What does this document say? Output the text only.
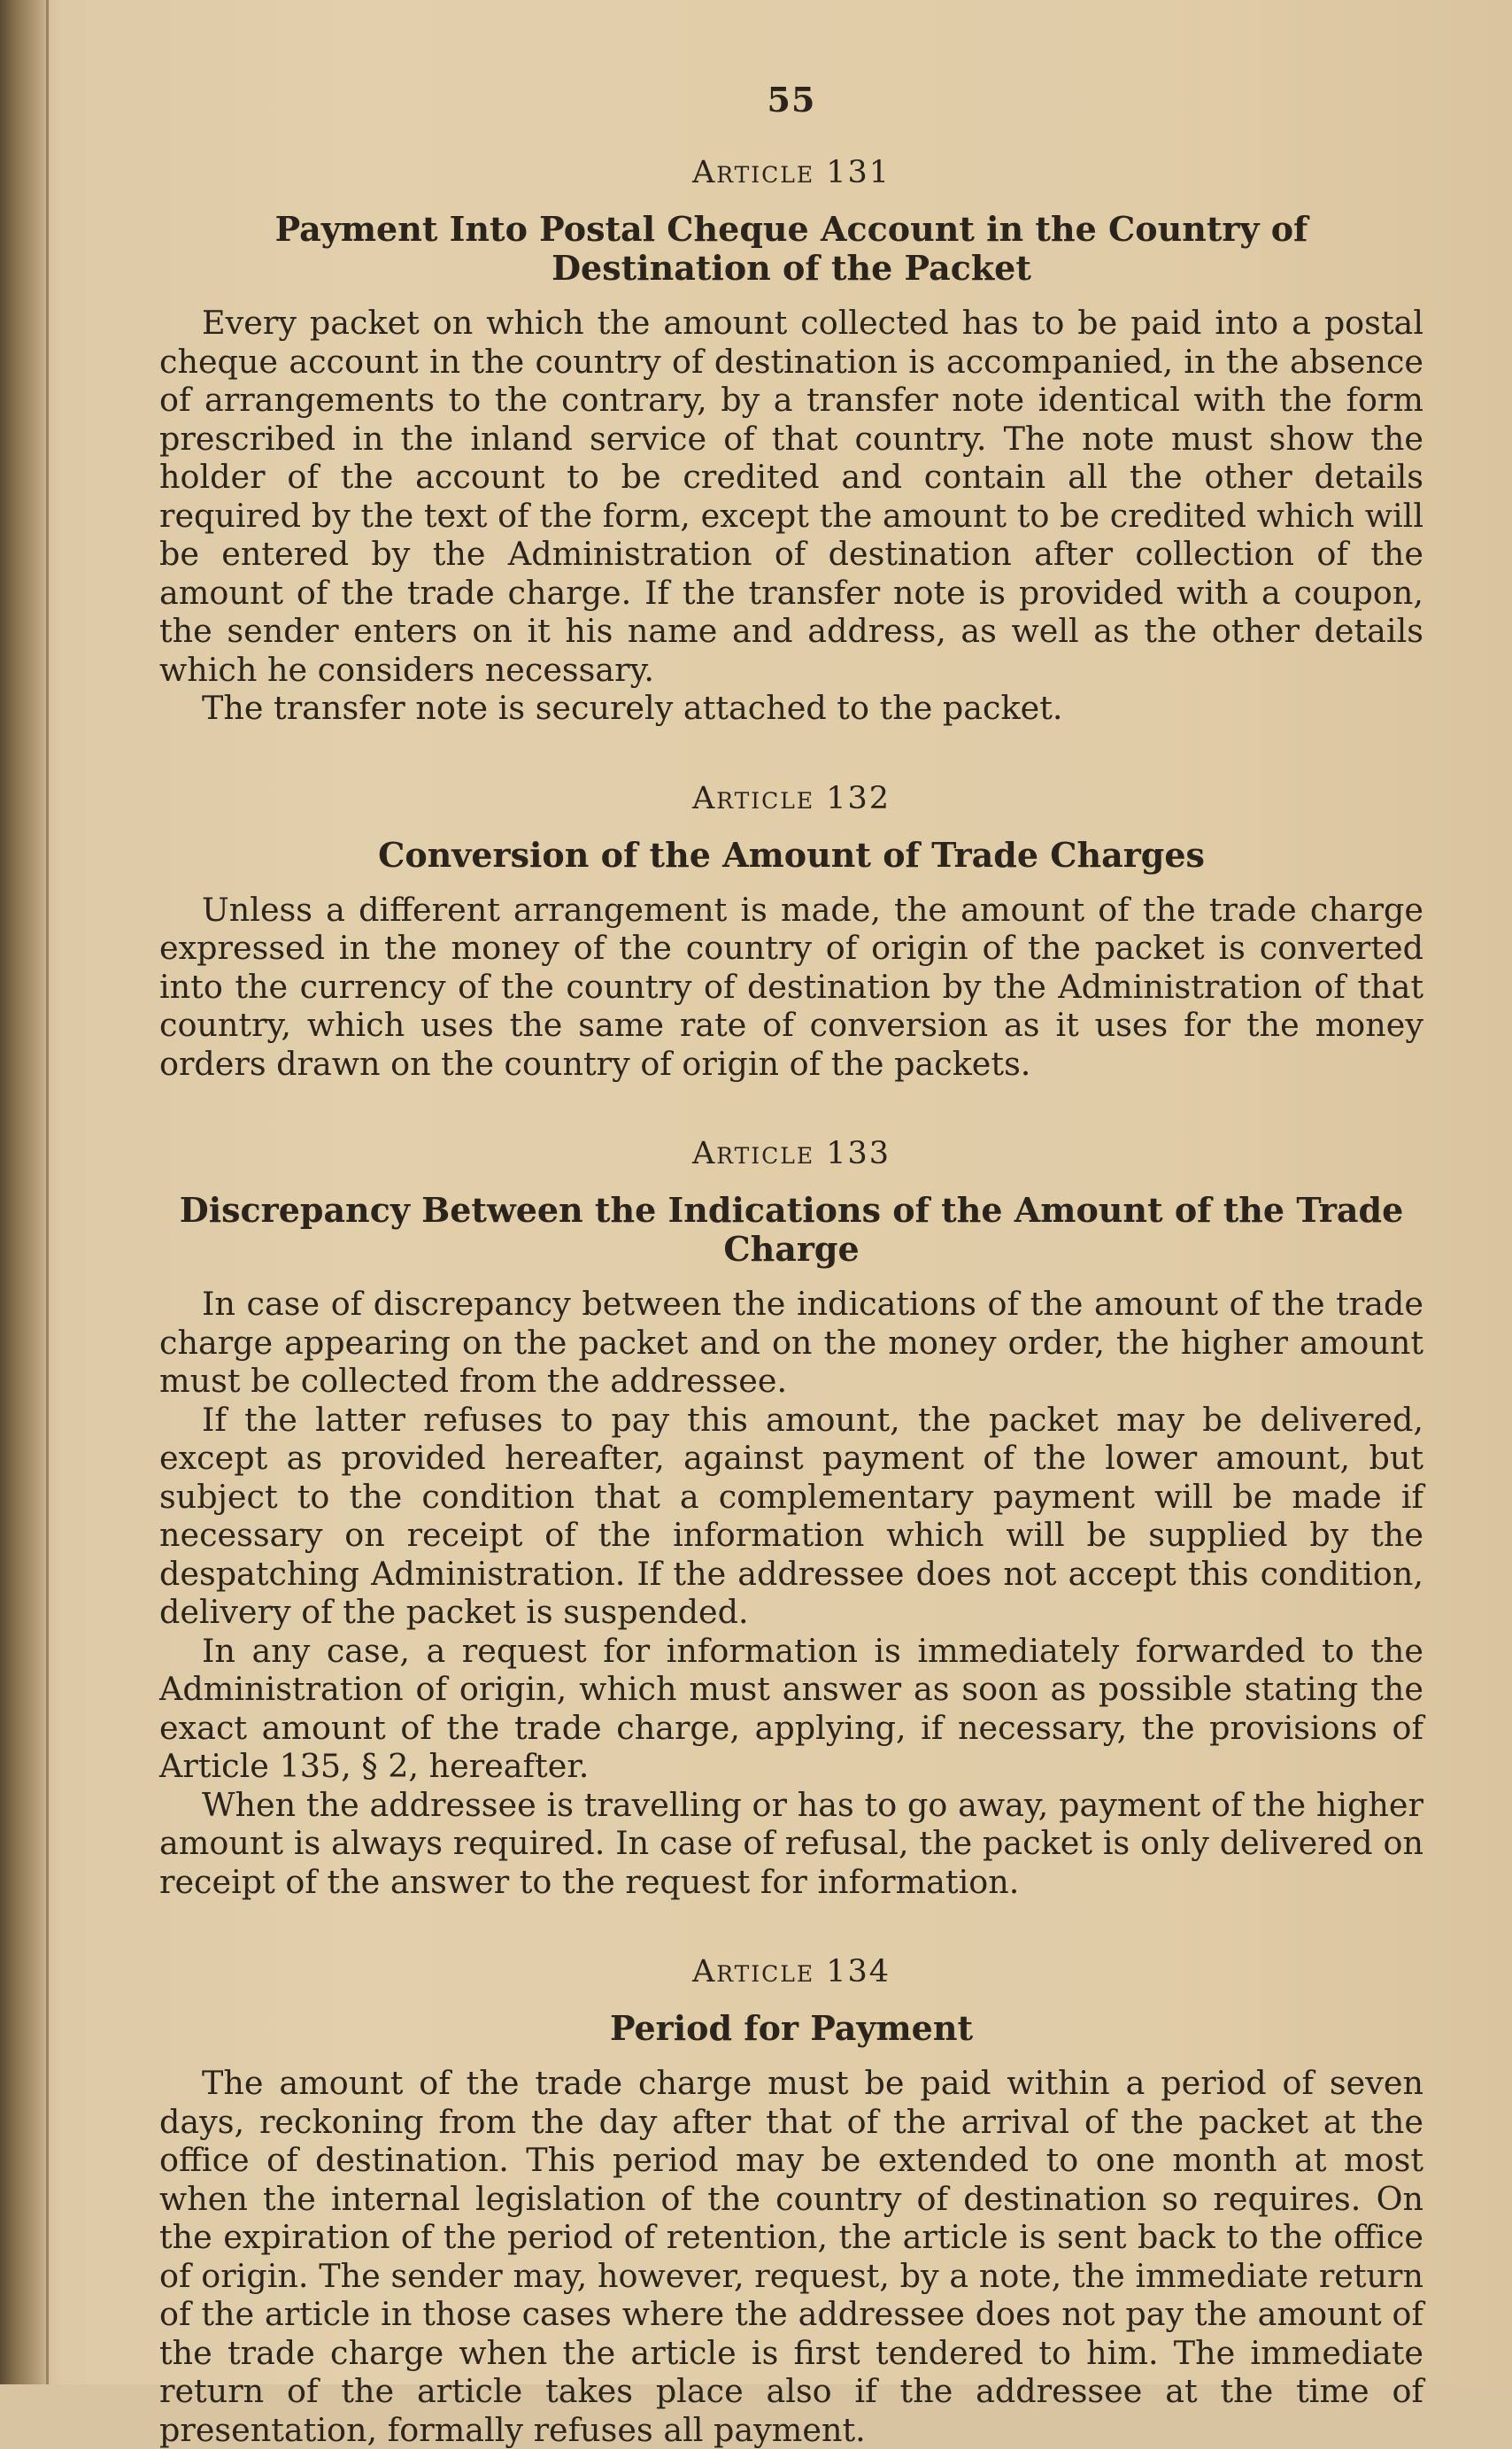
55
Article 131
Payment Into Postal Cheque Account in the Country of Destination of the Packet

Every packet on which the amount collected has to be paid into a postal cheque account in the country of destination is accompanied, in the absence of arrangements to the contrary, by a transfer note identical with the form prescribed in the inland service of that country. The note must show the holder of the account to be credited and contain all the other details required by the text of the form, except the amount to be credited which will be entered by the Administration of destination after collection of the amount of the trade charge. If the transfer note is provided with a coupon, the sender enters on it his name and address, as well as the other details which he considers necessary.

The transfer note is securely attached to the packet.

Article 132
Conversion of the Amount of Trade Charges

Unless a different arrangement is made, the amount of the trade charge expressed in the money of the country of origin of the packet is converted into the currency of the country of destination by the Administration of that country, which uses the same rate of conversion as it uses for the money orders drawn on the country of origin of the packets.

Article 133
Discrepancy Between the Indications of the Amount of the Trade Charge

In case of discrepancy between the indications of the amount of the trade charge appearing on the packet and on the money order, the higher amount must be collected from the addressee.

If the latter refuses to pay this amount, the packet may be delivered, except as provided hereafter, against payment of the lower amount, but subject to the condition that a complementary payment will be made if necessary on receipt of the information which will be supplied by the despatching Administration. If the addressee does not accept this condition, delivery of the packet is suspended.

In any case, a request for information is immediately forwarded to the Administration of origin, which must answer as soon as possible stating the exact amount of the trade charge, applying, if necessary, the provisions of Article 135, § 2, hereafter.

When the addressee is travelling or has to go away, payment of the higher amount is always required. In case of refusal, the packet is only delivered on receipt of the answer to the request for information.

Article 134
Period for Payment

The amount of the trade charge must be paid within a period of seven days, reckoning from the day after that of the arrival of the packet at the office of destination. This period may be extended to one month at most when the internal legislation of the country of destination so requires. On the expiration of the period of retention, the article is sent back to the office of origin. The sender may, however, request, by a note, the immediate return of the article in those cases where the addressee does not pay the amount of the trade charge when the article is first tendered to him. The immediate return of the article takes place also if the addressee at the time of presentation, formally refuses all payment.
